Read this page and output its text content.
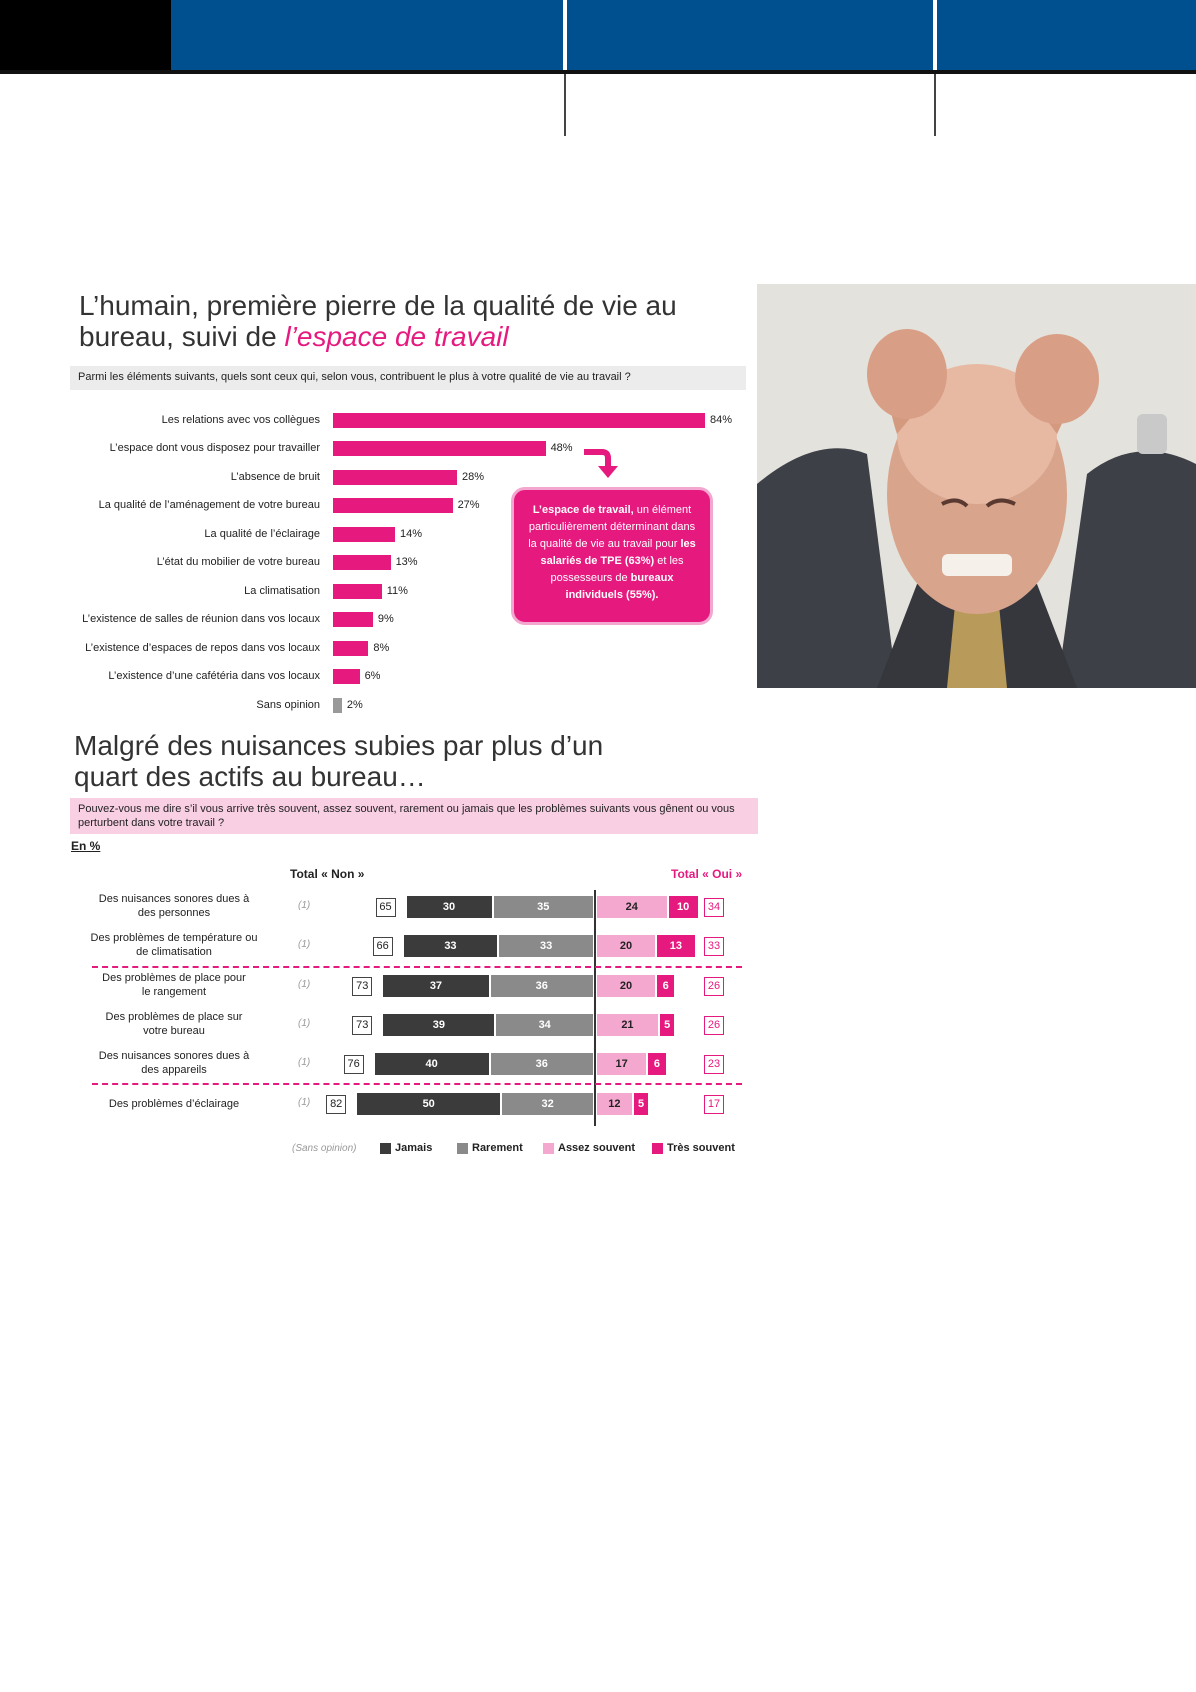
L’humain, première pierre de la qualité de vie au bureau, suivi de l’espace de travail
Parmi les éléments suivants, quels sont ceux qui, selon vous, contribuent le plus à votre qualité de vie au travail ?
Les relations avec vos collègues	84%
L’espace dont vous disposez pour travailler	48%
L’absence de bruit	28%
La qualité de l’aménagement de votre bureau	27%
La qualité de l’éclairage	14%
L’état du mobilier de votre bureau	13%
La climatisation	11%
L’existence de salles de réunion dans vos locaux	9%
L’existence d’espaces de repos dans vos locaux	8%
L’existence d’une cafétéria dans vos locaux	6%
Sans opinion 2%
L’espace de travail, un élément particulièrement déterminant dans la qualité de vie au travail pour les salariés de TPE (63%) et les possesseurs de bureaux individuels (55%).
Malgré des nuisances subies par plus d’un
quart des actifs au bureau…
Pouvez-vous me dire s’il vous arrive très souvent, assez souvent, rarement ou jamais que les problèmes suivants vous gênent ou vous perturbent dans votre travail ?
En %
Total « Non »	Total « Oui »
Des nuisances sonores dues à
des personnes
(1)	65	30	35	24	10	34
Des problèmes de température ou
de climatisation
(1)	66	33	33	20	13	33
Des problèmes de place pour
le rangement
(1)	73	37	36	20	6	26
Des problèmes de place sur
votre bureau
(1)	73	39	34	21	5	26
Des nuisances sonores dues à
des appareils
(1)	76	40	36	17	6	23
Des problèmes d’éclairage	(1)	82	50	32	12	5	17
(Sans opinion)	Jamais	Rarement	Assez souvent	Très souvent
